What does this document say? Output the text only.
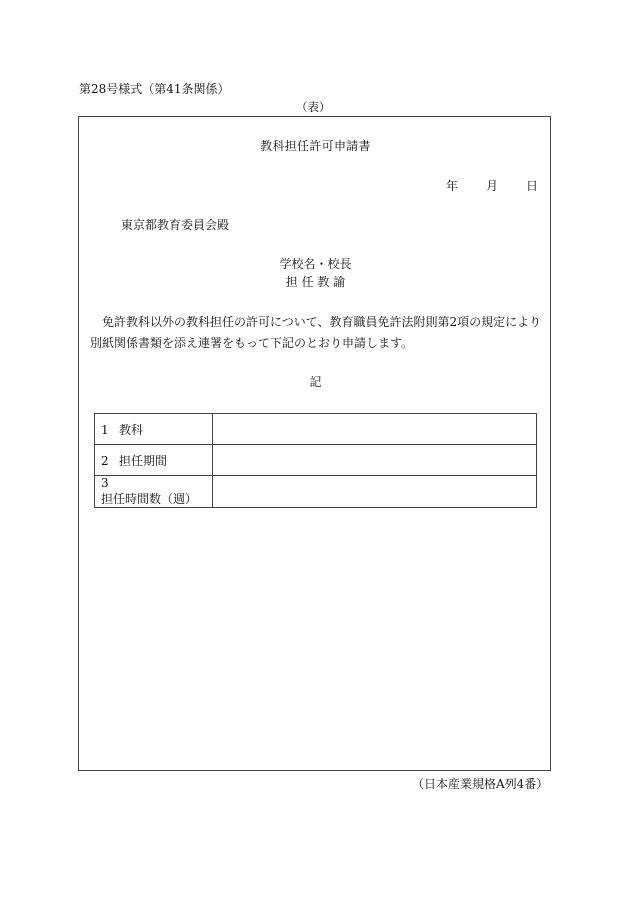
第28号様式（第41条関係）
（表）
教科担任許可申請書
年 月 日
東京都教育委員会殿
学校名・校長
担 任 教 諭
免許教科以外の教科担任の許可について、教育職員免許法附則第2項の規定により
別紙関係書類を添え連署をもって下記のとおり申請します。
記
1 教科	
2 担任期間	
3担任時間数（週）	
（日本産業規格A列4番）
